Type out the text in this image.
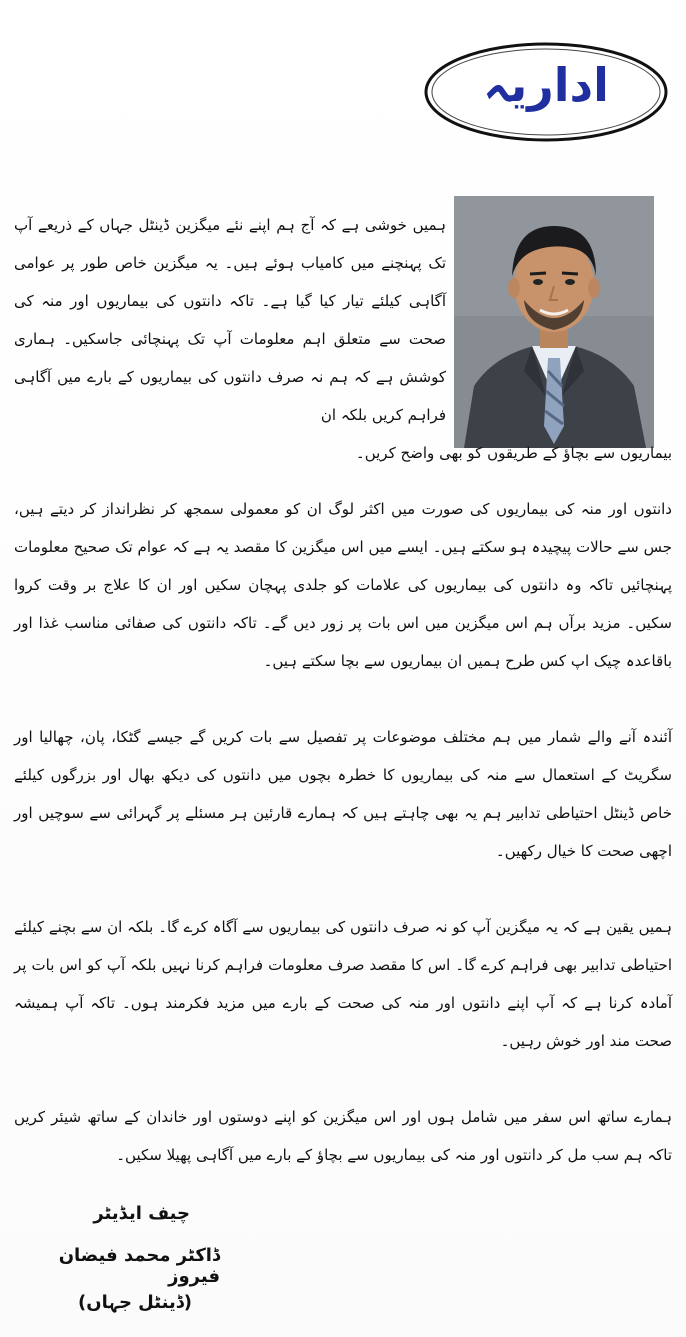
اداریہ
ہمیں خوشی ہے کہ آج ہم اپنے نئے میگزین ڈینٹل جہاں کے ذریعے آپ تک پہنچنے میں کامیاب ہوئے ہیں۔ یہ میگزین خاص طور پر عوامی آگاہی کیلئے تیار کیا گیا ہے۔ تاکہ دانتوں کی بیماریوں اور منہ کی صحت سے متعلق اہم معلومات آپ تک پہنچائی جاسکیں۔ ہماری کوشش ہے کہ ہم نہ صرف دانتوں کی بیماریوں کے بارے میں آگاہی فراہم کریں بلکہ ان
بیماریوں سے بچاؤ کے طریقوں کو بھی واضح کریں۔
دانتوں اور منہ کی بیماریوں کی صورت میں اکثر لوگ ان کو معمولی سمجھ کر نظرانداز کر دیتے ہیں، جس سے حالات پیچیدہ ہو سکتے ہیں۔ ایسے میں اس میگزین کا مقصد یہ ہے کہ عوام تک صحیح معلومات پہنچائیں تاکہ وہ دانتوں کی بیماریوں کی علامات کو جلدی پہچان سکیں اور ان کا علاج بر وقت کروا سکیں۔ مزید برآں ہم اس میگزین میں اس بات پر زور دیں گے۔ تاکہ دانتوں کی صفائی مناسب غذا اور باقاعدہ چیک اپ کس طرح ہمیں ان بیماریوں سے بچا سکتے ہیں۔
آئندہ آنے والے شمار میں ہم مختلف موضوعات پر تفصیل سے بات کریں گے جیسے گٹکا، پان، چھالیا اور سگریٹ کے استعمال سے منہ کی بیماریوں کا خطرہ بچوں میں دانتوں کی دیکھ بھال اور بزرگوں کیلئے خاص ڈینٹل احتیاطی تدابیر ہم یہ بھی چاہتے ہیں کہ ہمارے قارئین ہر مسئلے پر گہرائی سے سوچیں اور اچھی صحت کا خیال رکھیں۔
ہمیں یقین ہے کہ یہ میگزین آپ کو نہ صرف دانتوں کی بیماریوں سے آگاہ کرے گا۔ بلکہ ان سے بچنے کیلئے احتیاطی تدابیر بھی فراہم کرے گا۔ اس کا مقصد صرف معلومات فراہم کرنا نہیں بلکہ آپ کو اس بات پر آمادہ کرنا ہے کہ آپ اپنے دانتوں اور منہ کی صحت کے بارے میں مزید فکرمند ہوں۔ تاکہ آپ ہمیشہ صحت مند اور خوش رہیں۔
ہمارے ساتھ اس سفر میں شامل ہوں اور اس میگزین کو اپنے دوستوں اور خاندان کے ساتھ شیئر کریں تاکہ ہم سب مل کر دانتوں اور منہ کی بیماریوں سے بچاؤ کے بارے میں آگاہی پھیلا سکیں۔
چیف ایڈیٹر
ڈاکٹر محمد فیضان فیروز
(ڈینٹل جہاں)
